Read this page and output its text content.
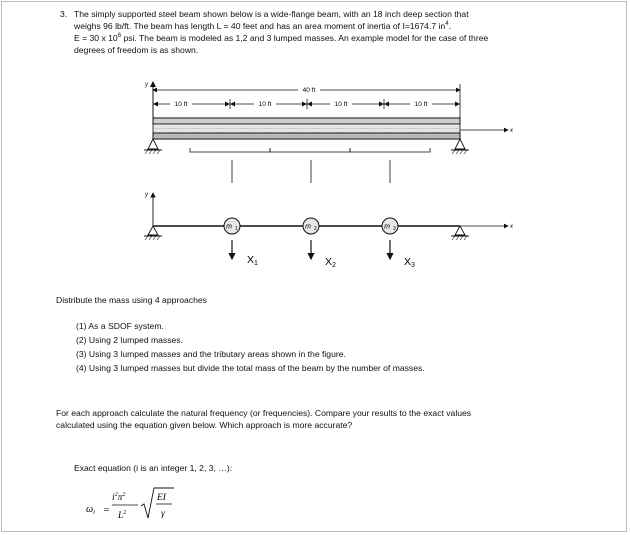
3. The simply supported steel beam shown below is a wide-flange beam, with an 18 inch deep section that
weighs 96 lb/ft. The beam has length L = 40 feet and has an area moment of inertia of I=1674.7 $in^4$.
E = 30 x $10^6$ psi. The beam is modeled as 1,2 and 3 lumped masses. An example model for the case of three
degrees of freedom is as shown.
y
40 ft
10 ft	10 ft	10 ft	10 ft
x
y
x
m 1	m 2	m 3
X1	X2	X3
Distribute the mass using 4 approaches
(1) As a SDOF system.
(2) Using 2 lumped masses.
(3) Using 3 lumped masses and the tributary areas shown in the figure.
(4) Using 3 lumped masses but divide the total mass of the beam by the number of masses.
For each approach calculate the natural frequency (or frequencies). Compare your results to the exact values
calculated using the equation given below. Which approach is more accurate?
Exact equation (i is an integer 1, 2, 3, …):
$\omega_i$ =
$i^2\pi^2$
$L^2$
EI
γ
